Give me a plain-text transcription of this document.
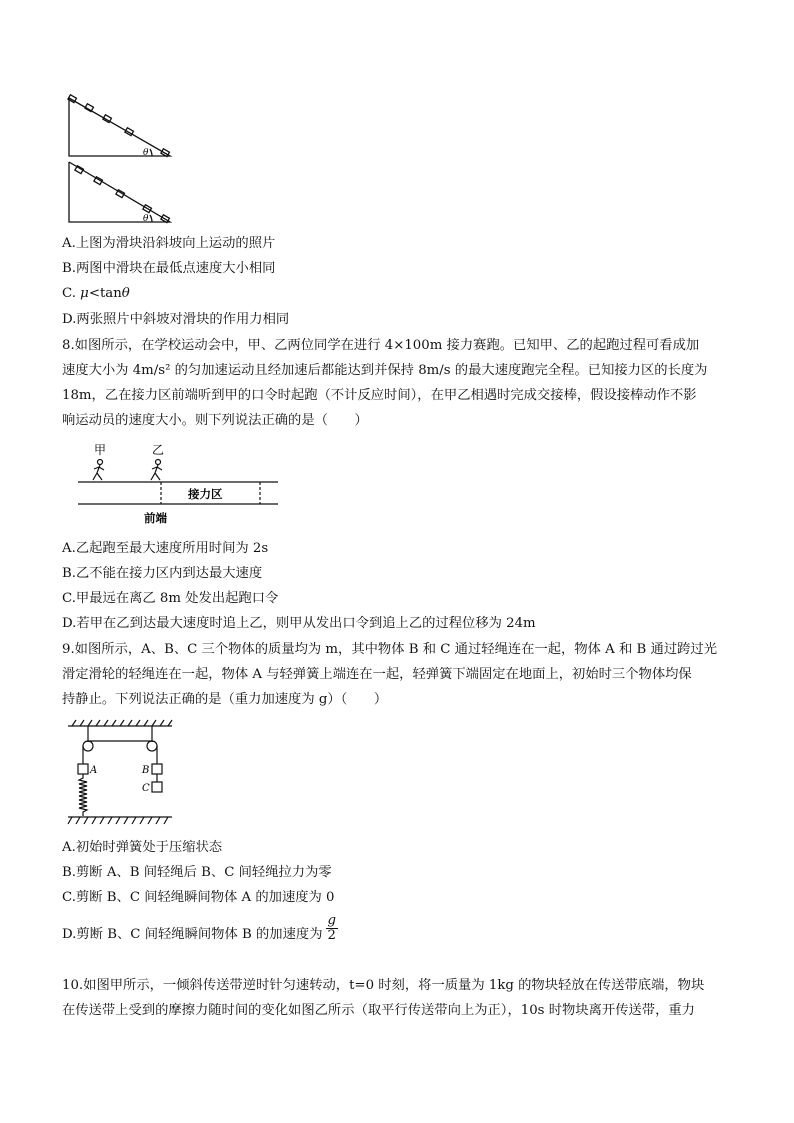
θ
θ
A.上图为滑块沿斜坡向上运动的照片
B.两图中滑块在最低点速度大小相同
C. μ<tanθ
D.两张照片中斜坡对滑块的作用力相同
8.如图所示，在学校运动会中，甲、乙两位同学在进行 4×100m 接力赛跑。已知甲、乙的起跑过程可看成加
速度大小为 4m/s² 的匀加速运动且经加速后都能达到并保持 8m/s 的最大速度跑完全程。已知接力区的长度为
18m，乙在接力区前端听到甲的口令时起跑（不计反应时间），在甲乙相遇时完成交接棒，假设接棒动作不影
响运动员的速度大小。则下列说法正确的是（　　）
甲	乙
接力区
前端
A.乙起跑至最大速度所用时间为 2s
B.乙不能在接力区内到达最大速度
C.甲最远在离乙 8m 处发出起跑口令
D.若甲在乙到达最大速度时追上乙，则甲从发出口令到追上乙的过程位移为 24m
9.如图所示，A、B、C 三个物体的质量均为 m，其中物体 B 和 C 通过轻绳连在一起，物体 A 和 B 通过跨过光
滑定滑轮的轻绳连在一起，物体 A 与轻弹簧上端连在一起，轻弹簧下端固定在地面上，初始时三个物体均保
持静止。下列说法正确的是（重力加速度为 g）（　　）
A	B
C
A.初始时弹簧处于压缩状态
B.剪断 A、B 间轻绳后 B、C 间轻绳拉力为零
C.剪断 B、C 间轻绳瞬间物体 A 的加速度为 0
D.剪断 B、C 间轻绳瞬间物体 B 的加速度为 $\frac{g}{2}$
10.如图甲所示，一倾斜传送带逆时针匀速转动，t=0 时刻，将一质量为 1kg 的物块轻放在传送带底端，物块
在传送带上受到的摩擦力随时间的变化如图乙所示（取平行传送带向上为正），10s 时物块离开传送带，重力
